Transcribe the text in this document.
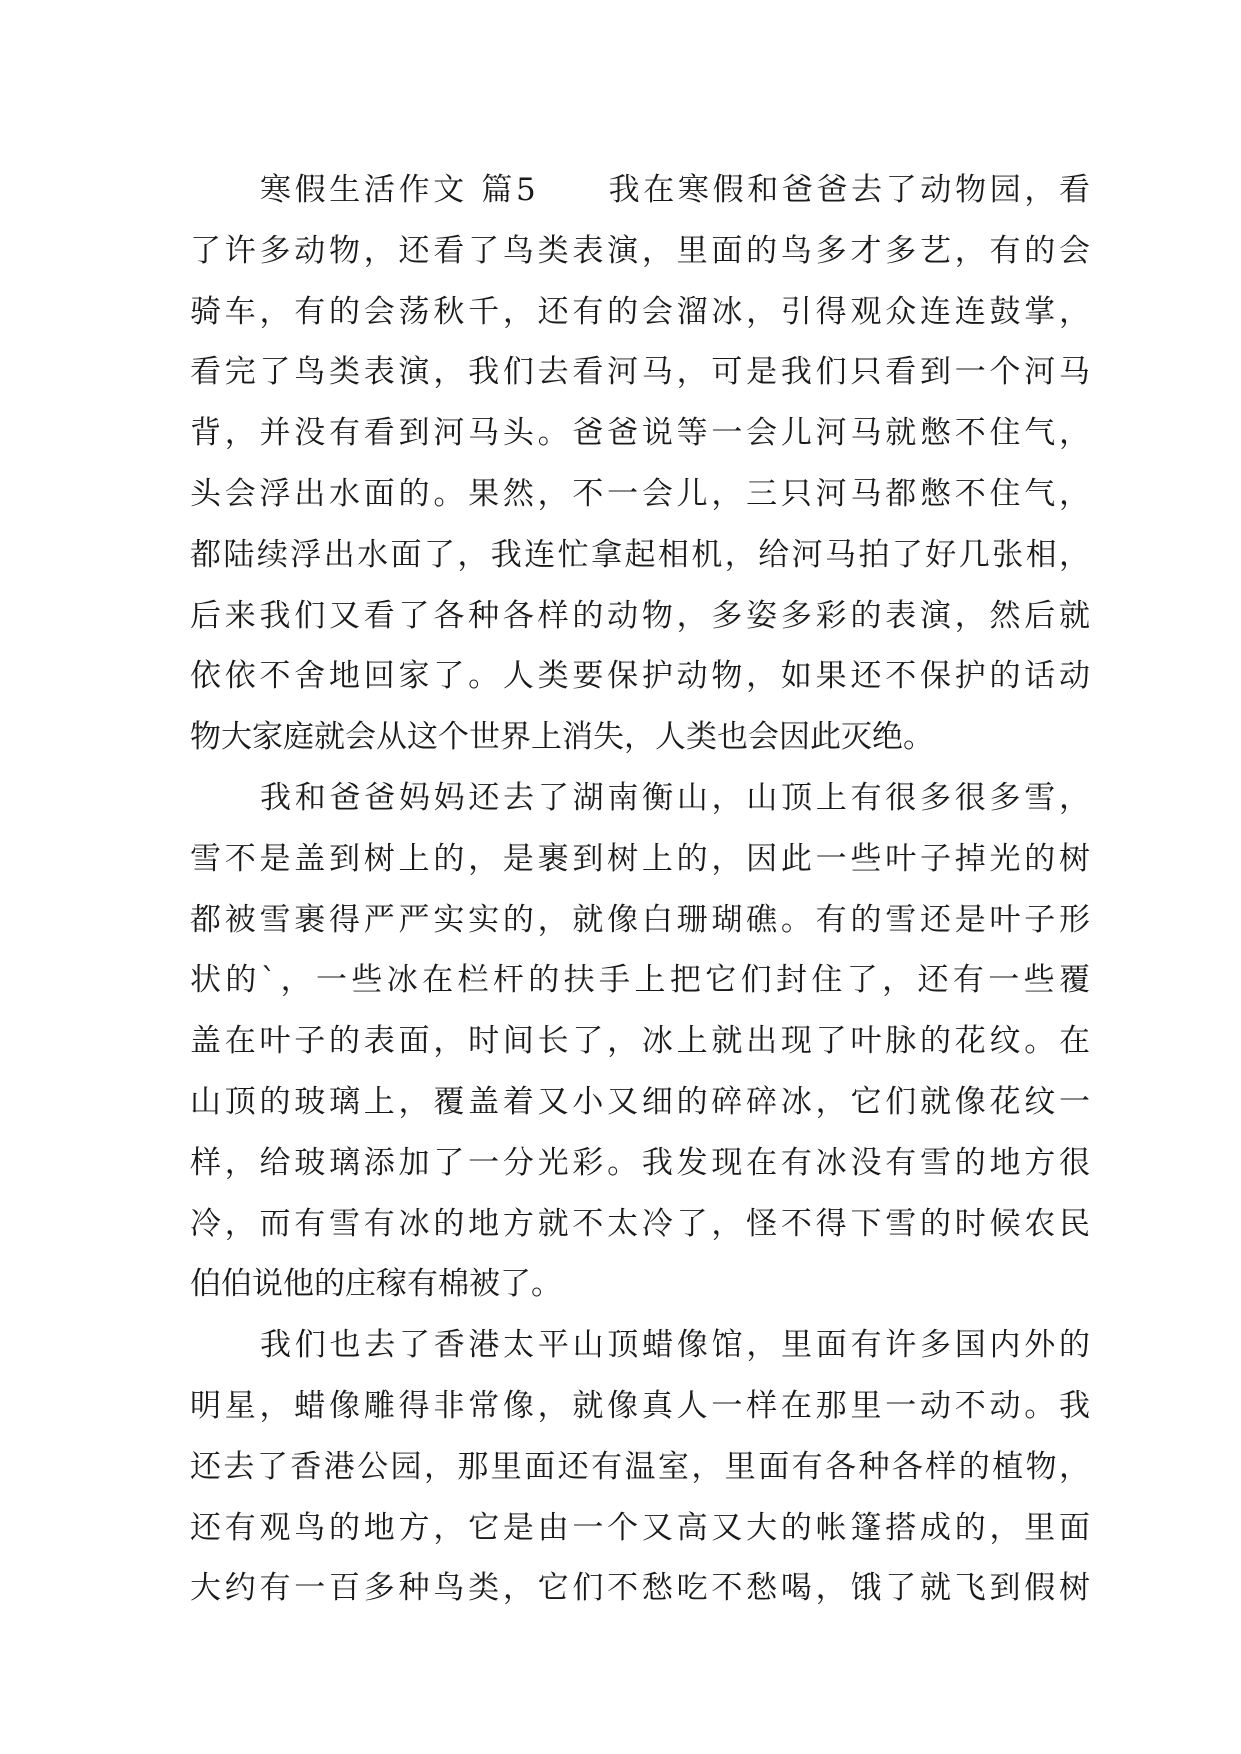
寒假生活作文 篇5　　我在寒假和爸爸去了动物园，看
了许多动物，还看了鸟类表演，里面的鸟多才多艺，有的会
骑车，有的会荡秋千，还有的会溜冰，引得观众连连鼓掌，
看完了鸟类表演，我们去看河马，可是我们只看到一个河马
背，并没有看到河马头。爸爸说等一会儿河马就憋不住气，
头会浮出水面的。果然，不一会儿，三只河马都憋不住气，
都陆续浮出水面了，我连忙拿起相机，给河马拍了好几张相，
后来我们又看了各种各样的动物，多姿多彩的表演，然后就
依依不舍地回家了。人类要保护动物，如果还不保护的话动
物大家庭就会从这个世界上消失，人类也会因此灭绝。
我和爸爸妈妈还去了湖南衡山，山顶上有很多很多雪，
雪不是盖到树上的，是裹到树上的，因此一些叶子掉光的树
都被雪裹得严严实实的，就像白珊瑚礁。有的雪还是叶子形
状的`，一些冰在栏杆的扶手上把它们封住了，还有一些覆
盖在叶子的表面，时间长了，冰上就出现了叶脉的花纹。在
山顶的玻璃上，覆盖着又小又细的碎碎冰，它们就像花纹一
样，给玻璃添加了一分光彩。我发现在有冰没有雪的地方很
冷，而有雪有冰的地方就不太冷了，怪不得下雪的时候农民
伯伯说他的庄稼有棉被了。
我们也去了香港太平山顶蜡像馆，里面有许多国内外的
明星，蜡像雕得非常像，就像真人一样在那里一动不动。我
还去了香港公园，那里面还有温室，里面有各种各样的植物，
还有观鸟的地方，它是由一个又高又大的帐篷搭成的，里面
大约有一百多种鸟类，它们不愁吃不愁喝，饿了就飞到假树
